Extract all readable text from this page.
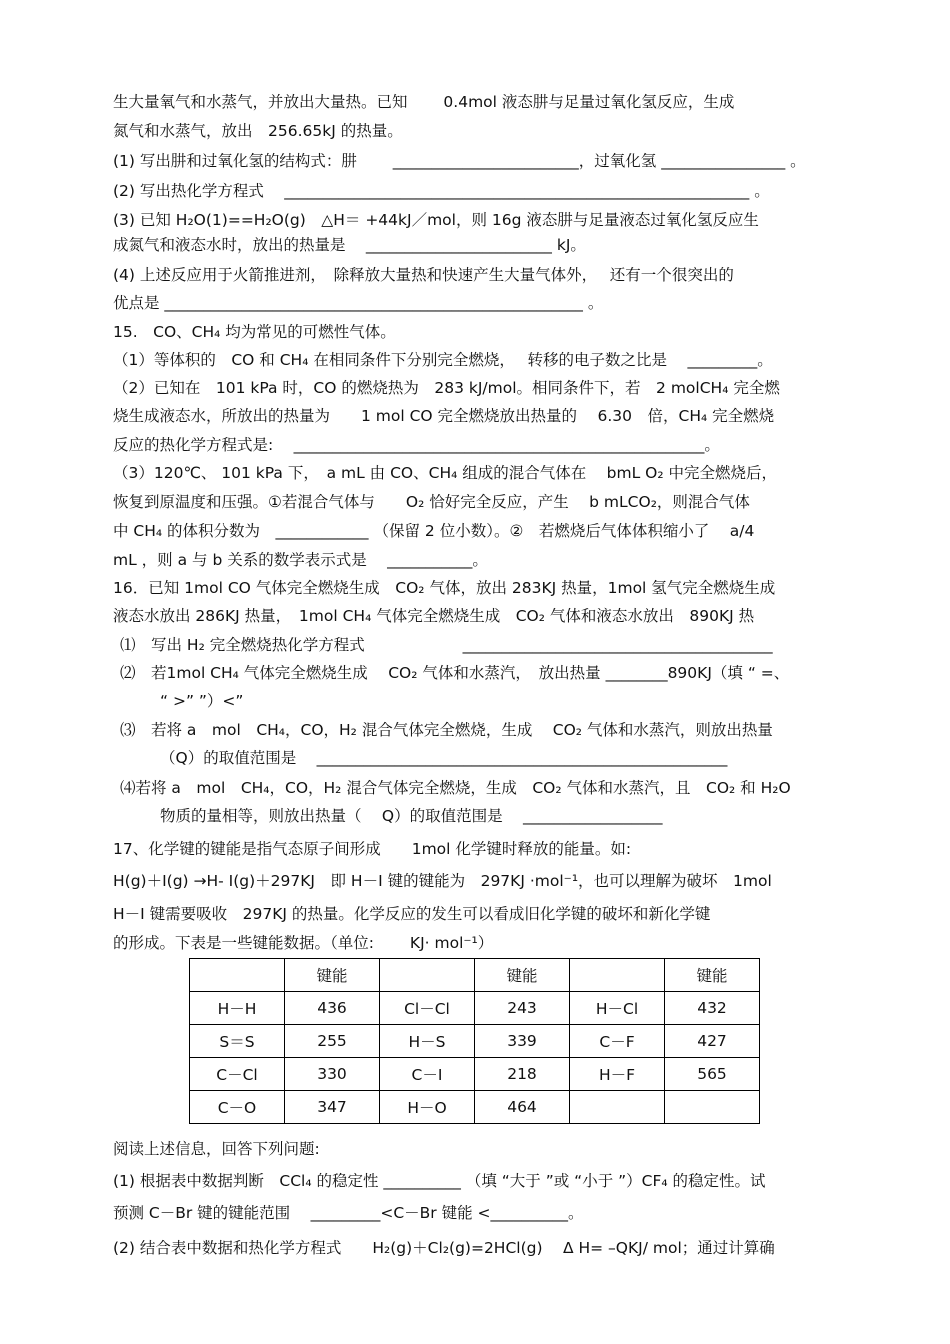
生大量氧气和水蒸气，并放出大量热。已知　　 0.4mol 液态肼与足量过氧化氢反应，生成
氮气和水蒸气，放出　256.65kJ 的热量。
(1) 写出肼和过氧化氢的结构式：肼　　 ________________________，过氧化氢 ________________ 。
(2) 写出热化学方程式　 ____________________________________________________________ 。
(3) 已知 H₂O(1)==H₂O(g)　△H＝ +44kJ／mol，则 16g 液态肼与足量液态过氧化氢反应生
成氮气和液态水时，放出的热量是　 ________________________ kJ。
(4) 上述反应用于火箭推进剂，　除释放大量热和快速产生大量气体外，　 还有一个很突出的
优点是 ______________________________________________________ 。
15.　CO、CH₄ 均为常见的可燃性气体。
（1）等体积的　CO 和 CH₄ 在相同条件下分别完全燃烧，　 转移的电子数之比是　 _________。
（2）已知在　101 kPa 时，CO 的燃烧热为　283 kJ/mol。相同条件下，若　2 molCH₄ 完全燃
烧生成液态水，所放出的热量为　　1 mol CO 完全燃烧放出热量的　 6.30　倍，CH₄ 完全燃烧
反应的热化学方程式是:　 _____________________________________________________。
（3）120℃、 101 kPa 下，　a mL 由 CO、CH₄ 组成的混合气体在　 bmL O₂ 中完全燃烧后，
恢复到原温度和压强。①若混合气体与　　O₂ 恰好完全反应，产生　 b mLCO₂，则混合气体
中 CH₄ 的体积分数为　____________ （保留 2 位小数）。②　若燃烧后气体体积缩小了　 a/4
mL ，则 a 与 b 关系的数学表示式是　 ___________。
16．已知 1mol CO 气体完全燃烧生成　CO₂ 气体，放出 283KJ 热量，1mol 氢气完全燃烧生成
液态水放出 286KJ 热量，　1mol CH₄ 气体完全燃烧生成　CO₂ 气体和液态水放出　890KJ 热
⑴　写出 H₂ 完全燃烧热化学方程式　　　　　　 ________________________________________
⑵　若1mol CH₄ 气体完全燃烧生成　 CO₂ 气体和水蒸汽，　放出热量 ________890KJ（填 “ =、
“ >” ”）<”
⑶　若将 a　mol　CH₄，CO，H₂ 混合气体完全燃烧，生成　 CO₂ 气体和水蒸汽，则放出热量
（Q）的取值范围是　 _____________________________________________________
⑷若将 a　mol　CH₄，CO，H₂ 混合气体完全燃烧，生成　CO₂ 气体和水蒸汽，且　CO₂ 和 H₂O
物质的量相等，则放出热量（　 Q）的取值范围是　 __________________
17、化学键的键能是指气态原子间形成　　1mol 化学键时释放的能量。如:
H(g)＋I(g) →H- I(g)＋297KJ　即 H－I 键的键能为　297KJ ·mol⁻¹，也可以理解为破坏　1mol
H－I 键需要吸收　297KJ 的热量。化学反应的发生可以看成旧化学键的破坏和新化学键
的形成。下表是一些键能数据。（单位:　　 KJ· mol⁻¹）
	键能		键能		键能
H－H	436	Cl－Cl	243	H－Cl	432
S＝S	255	H－S	339	C－F	427
C－Cl	330	C－I	218	H－F	565
C－O	347	H－O	464		
阅读上述信息，回答下列问题:
(1) 根据表中数据判断　CCl₄ 的稳定性 __________ （填 “大于 ”或 “小于 ”）CF₄ 的稳定性。试
预测 C－Br 键的键能范围　 _________<C－Br 键能 <__________。
(2) 结合表中数据和热化学方程式　　H₂(g)＋Cl₂(g)=2HCl(g)　 Δ H= –QKJ/ mol；通过计算确
